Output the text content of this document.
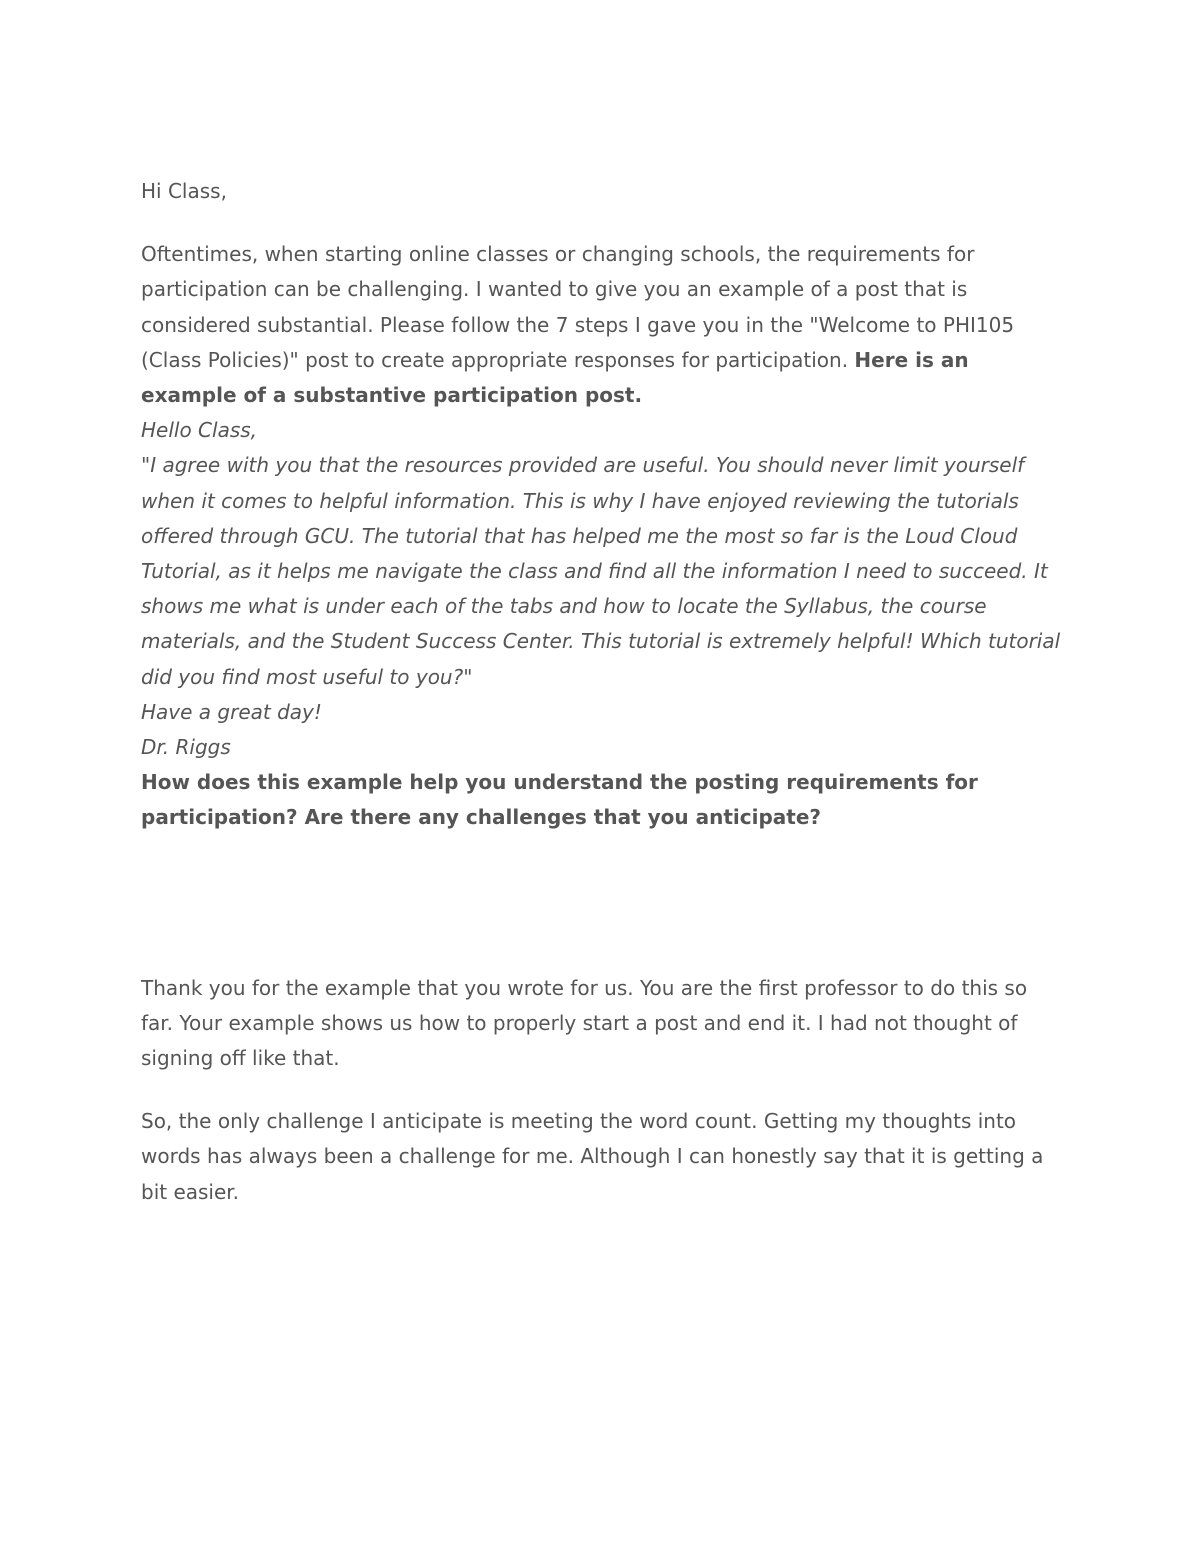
Hi Class,

Oftentimes, when starting online classes or changing schools, the requirements for participation can be challenging. I wanted to give you an example of a post that is considered substantial. Please follow the 7 steps I gave you in the "Welcome to PHI105 (Class Policies)" post to create appropriate responses for participation. Here is an example of a substantive participation post.

Hello Class,

"I agree with you that the resources provided are useful. You should never limit yourself when it comes to helpful information. This is why I have enjoyed reviewing the tutorials offered through GCU. The tutorial that has helped me the most so far is the Loud Cloud Tutorial, as it helps me navigate the class and find all the information I need to succeed. It shows me what is under each of the tabs and how to locate the Syllabus, the course materials, and the Student Success Center. This tutorial is extremely helpful! Which tutorial did you find most useful to you?"

Have a great day!

Dr. Riggs

How does this example help you understand the posting requirements for participation? Are there any challenges that you anticipate?

Thank you for the example that you wrote for us. You are the first professor to do this so far. Your example shows us how to properly start a post and end it. I had not thought of signing off like that.

So, the only challenge I anticipate is meeting the word count. Getting my thoughts into words has always been a challenge for me. Although I can honestly say that it is getting a bit easier.
